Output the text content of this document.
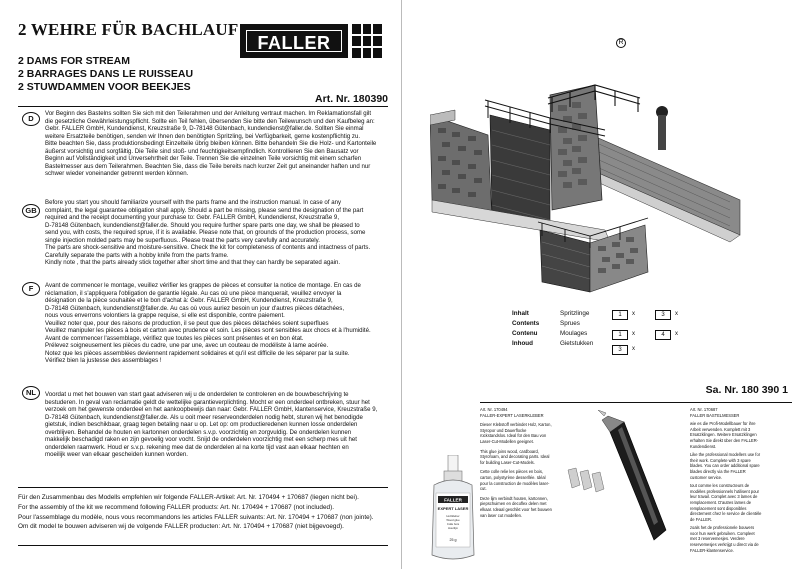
2 WEHRE FÜR BACHLAUF
2 DAMS FOR STREAM
2 BARRAGES DANS LE RUISSEAU
2 STUWDAMMEN VOOR BEEKJES
Art. Nr. 180390
FALLER	R
D
Vor Beginn des Bastelns sollten Sie sich mit den Teilerahmen und der Anleitung vertraut machen. Im Reklamationsfall gilt
die gesetzliche Gewährleistungspflicht. Sollte ein Teil fehlen, übersenden Sie bitte den Teilewunsch und den Kaufbeleg an:
Gebr. FALLER GmbH, Kundendienst, Kreuzstraße 9, D-78148 Gütenbach, kundendienst@faller.de. Sollten Sie einmal
weitere Ersatzteile benötigen, senden wir Ihnen den benötigten Spritzling, bei Verfügbarkeit, gerne kostenpflichtig zu.
Bitte beachten Sie, dass produktionsbedingt Einzelteile übrig bleiben können. Bitte behandeln Sie die Holz- und Kartonteile
äußerst vorsichtig und sorgfältig. Die Teile sind stoß- und feuchtigkeitsempfindlich. Kontrollieren Sie den Bausatz vor
Beginn auf Vollständigkeit und Unversehrtheit der Teile. Trennen Sie die einzelnen Teile vorsichtig mit einem scharfen
Bastelmesser aus dem Teilerahmen. Beachten Sie, dass die Teile bereits nach kurzer Zeit gut aneinander haften und nur
schwer wieder voneinander getrennt werden können.
GB
Before you start you should familiarize yourself with the parts frame and the instruction manual. In case of any
complaint, the legal guarantee obligation shall apply. Should a part be missing, please send the designation of the part
required and the receipt documenting your purchase to: Gebr. FALLER GmbH, Kundendienst, Kreuzstraße 9,
D-78148 Gütenbach, kundendienst@faller.de. Should you require further spare parts one day, we shall be pleased to
send you, with costs, the required sprue, if it is available. Please note that, on grounds of the production process, some
single injection molded parts may be superfluous.. Please treat the parts very carefully and accurately.
The parts are shock-sensitive and moisture-sensitive. Check the kit for completeness of contents and intactness of parts.
Carefully separate the parts with a hobby knife from the parts frame.
Kindly note , that the parts already stick together after short time and that they can hardly be separated again.
F	Avant de commencer le montage, veuillez vérifier les grappes de pièces et consulter la notice de montage. En cas de
réclamation, il s'appliquera l'obligation de garantie légale. Au cas où une pièce manquerait, veuillez envoyer la
désignation de la pièce souhaitée et le bon d'achat à: Gebr. FALLER GmbH, Kundendienst, Kreuzstraße 9,
D-78148 Gütenbach, kundendienst@faller.de. Au cas où vous auriez besoin un jour d'autres pièces détachées,
nous vous enverrons volontiers la grappe requise, si elle est disponible, contre paiement.
Veuillez noter que, pour des raisons de production, il se peut que des pièces détachées soient superflues
Veuillez manipuler les pièces à bois et carton avec prudence et soin. Les pièces sont sensibles aux chocs et à l'humidité.
Avant de commencer l'assemblage, vérifiez que toutes les pièces sont présentes et en bon état.
Prélevez soigneusement les pièces du cadre, une par une, avec un couteau de modéliste à lame acérée.
Notez que les pièces assemblées deviennent rapidement solidaires et qu'il est difficile de les séparer par la suite.
Vérifiez bien la justesse des assemblages !
NL	Voordat u met het bouwen van start gaat adviseren wij u de onderdelen te controleren en de bouwbeschrijving te
bestuderen. In geval van reclamatie geldt de wettelijke garantieverplichting. Mocht er een onderdeel ontbreken, stuur het
verzoek om het gewenste onderdeel en het aankoopbewijs dan naar: Gebr. FALLER GmbH, klantenservice, Kreuzstraße 9,
D-78148 Gütenbach, kundendienst@faller.de. Als u ooit meer reserveonderdelen nodig hebt, sturen wij het benodigde
gietstuk, indien beschikbaar, graag tegen betaling naar u op. Let op: om productieredenen kunnen losse onderdelen
overblijven. Behandel de houten en kartonnen onderdelen s.v.p. voorzichtig en zorgvuldig. De onderdelen kunnen
makkelijk beschadigd raken en zijn gevoelig voor vocht. Snijd de onderdelen voorzichtig met een scherp mes uit het
onderdelen raamwerk. Houd er s.v.p. rekening mee dat de onderdelen al na korte tijd vast aan elkaar hechten en
moeilijk weer van elkaar gescheiden kunnen worden.
Für den Zusammenbau des Modells empfehlen wir folgende FALLER-Artikel: Art. Nr. 170494 + 170687 (liegen nicht bei).
For the assembly of the kit we recommend following FALLER products: Art. Nr. 170494 + 170687 (not included).
Pour l'assemblage du modèle, nous vous recommandons les articles FALLER suivants: Art. Nr. 170494 + 170687 (non jointe).
Om dit model te bouwen adviseren wij de volgende FALLER producten: Art. Nr. 170494 + 170687 (niet bijgevoegd).
Inhalt	Spritzlinge	1	x	3	x
Contents	Sprues
1	x	4	x
Contenu	Moulages
Inhoud	Gietstukken
3	x
Sa. Nr. 180 390 1

Art. Nr. 170494

FALLER-EXPERT LASERKLEBER

Dieser Klebstoff verbindet Holz, Karton, Styropor und Dauerflocke rückstandslos. Ideal für den Bau von Laser-Cut-Modellen geeignet.

This glue joins wood, cardboard, Styrofoam, and decorating parts. Ideal for building Laser-Cut-Models.

Cette colle relie les pièces en bois, carton, polystyrène desserllée. Idéal pour la construction de modèles laser-cut.

Deze lijm verbindt houten, kartonnen, piepschuimen en decoflex delen met elkaar. Ideaal geschikt voor het bouwen van laser cut modellen.

FALLER
EXPERT LASER
Holzkleber
Wood glue
Colle bois
Houtlijm
25 g

Art. Nr. 170687

FALLER BASTELMESSER

wie es die Profi-Modellbauer für ihre Arbeit verwenden. Komplett mit 3 Ersatzklingen. Weitere Ersatzklingen erhalten Sie direkt über den FALLER-Kundendienst.

Like the professional modellers use for their work. Complete with 3 spare blades. You can order additional spare blades directly via the FALLER customer service.

tout comme les constructeurs de modèles professionnels l'utilisent pour leur travail. Complet avec 3 lames de remplacement. D'autres lames de remplacement sont disponibles directement chez le service de clientèle de FALLER.

zoals het de professionele bouwers voor hun werk gebruiken. Compleet met 3 reservemesjes. Verdere reservemesjes verkrijgt u direct via de FALLER-klantenservice.
